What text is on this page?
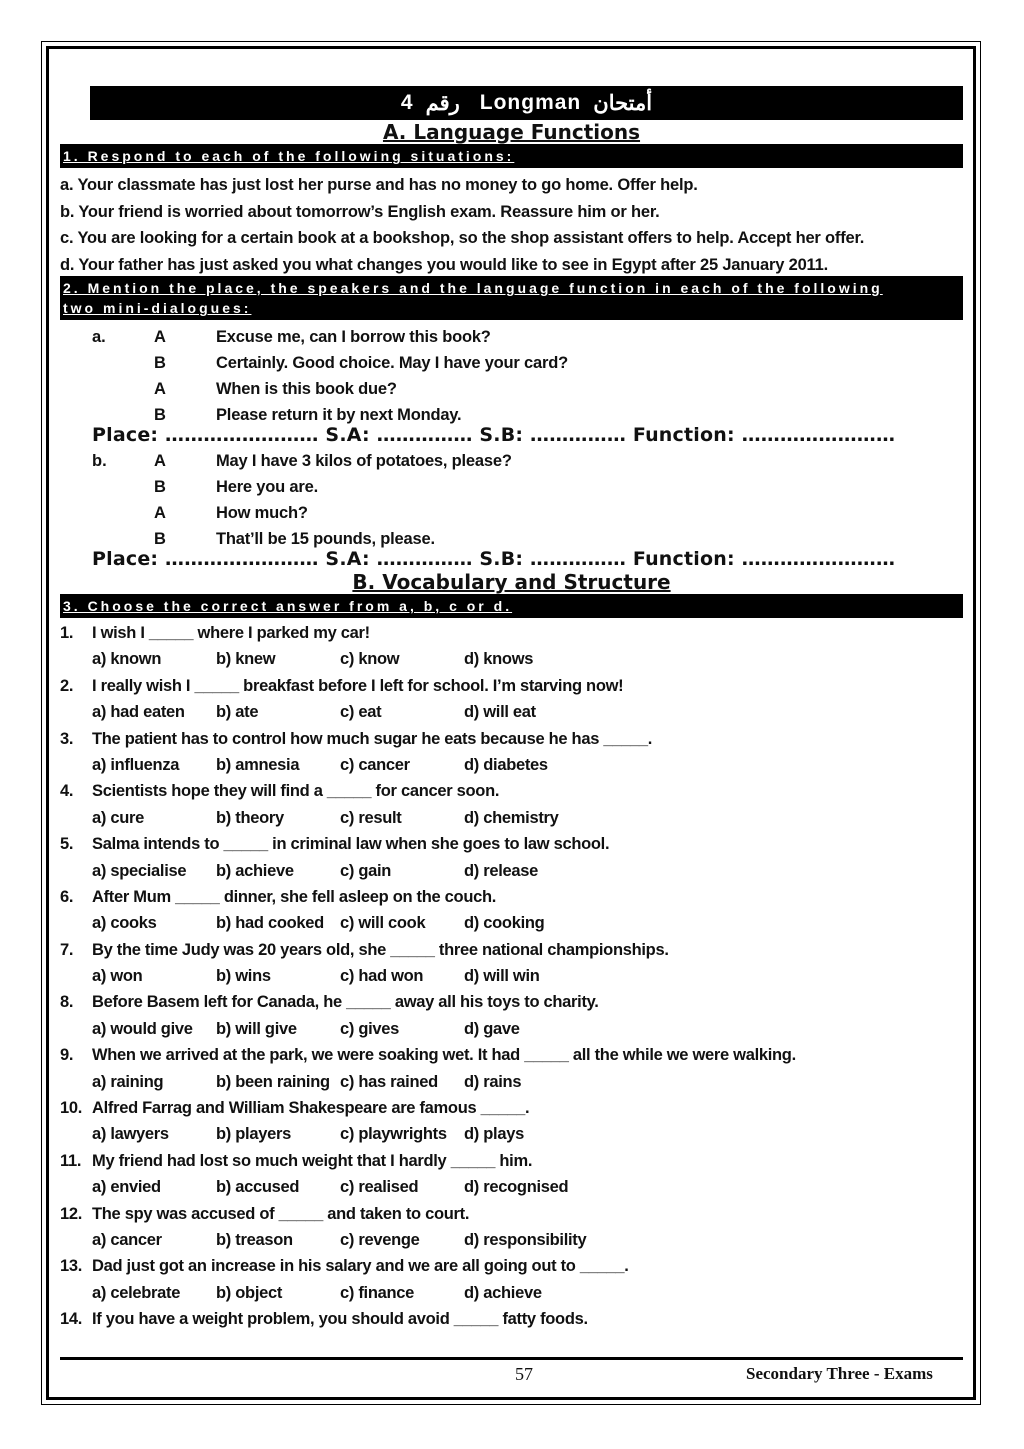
4 رقم Longman أمتحان
A. Language Functions
1. Respond to each of the following situations:
a. Your classmate has just lost her purse and has no money to go home. Offer help.
b. Your friend is worried about tomorrow’s English exam. Reassure him or her.
c. You are looking for a certain book at a bookshop, so the shop assistant offers to help. Accept her offer.
d. Your father has just asked you what changes you would like to see in Egypt after 25 January 2011.
2. Mention the place, the speakers and the language function in each of the following
two mini-dialogues:
a.	A	Excuse me, can I borrow this book?
B	Certainly. Good choice. May I have your card?
A	When is this book due?
B	Please return it by next Monday.
Place: …………………… S.A: …………… S.B: …………… Function: ……………………
b.	A	May I have 3 kilos of potatoes, please?
B	Here you are.
A	How much?
B	That’ll be 15 pounds, please.
Place: …………………… S.A: …………… S.B: …………… Function: ……………………
B. Vocabulary and Structure
3. Choose the correct answer from a, b, c or d.
1.	I wish I _____ where I parked my car!
a) known	b) knew	c) know	d) knows
2.	I really wish I _____ breakfast before I left for school. I’m starving now!
a) had eaten	b) ate	c) eat	d) will eat
3.	The patient has to control how much sugar he eats because he has _____.
a) influenza	b) amnesia	c) cancer	d) diabetes
4.	Scientists hope they will find a _____ for cancer soon.
a) cure	b) theory	c) result	d) chemistry
5.	Salma intends to _____ in criminal law when she goes to law school.
a) specialise	b) achieve	c) gain	d) release
6.	After Mum _____ dinner, she fell asleep on the couch.
a) cooks	b) had cooked c) will cook	d) cooking
7.	By the time Judy was 20 years old, she _____ three national championships.
a) won	b) wins	c) had won	d) will win
8.	Before Basem left for Canada, he _____ away all his toys to charity.
a) would give	b) will give	c) gives	d) gave
9.	When we arrived at the park, we were soaking wet. It had _____ all the while we were walking.
a) raining	b) been raining c) has rained	d) rains
10. Alfred Farrag and William Shakespeare are famous _____.
a) lawyers	b) players	c) playwrights	d) plays
11. My friend had lost so much weight that I hardly _____ him.
a) envied	b) accused	c) realised	d) recognised
12. The spy was accused of _____ and taken to court.
a) cancer	b) treason	c) revenge	d) responsibility
13. Dad just got an increase in his salary and we are all going out to _____.
a) celebrate	b) object	c) finance	d) achieve
14. If you have a weight problem, you should avoid _____ fatty foods.
57	Secondary Three - Exams
